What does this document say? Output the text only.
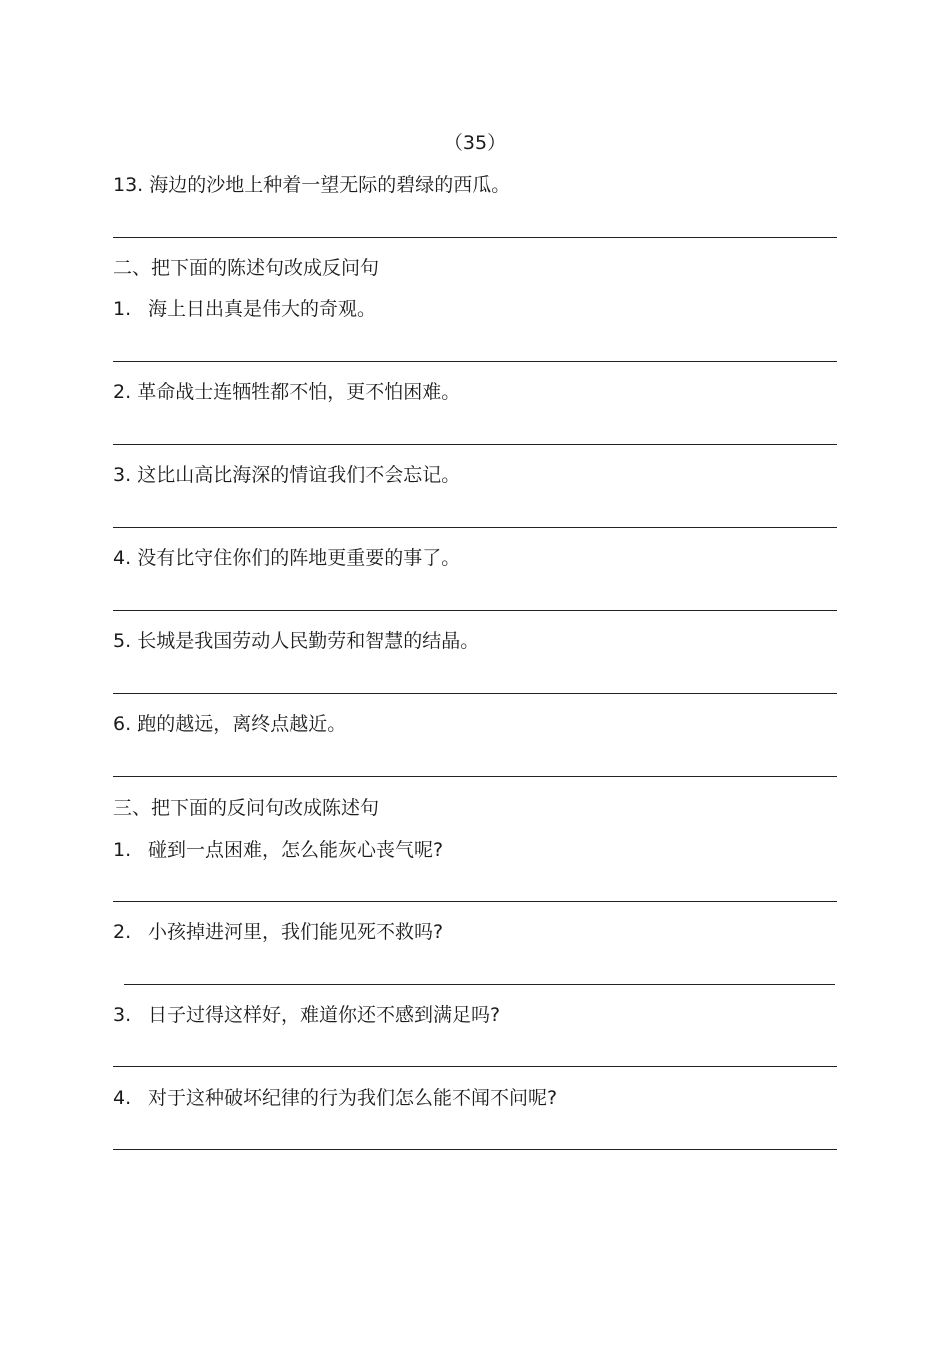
（35）
13. 海边的沙地上种着一望无际的碧绿的西瓜。
二、把下面的陈述句改成反问句
1. 海上日出真是伟大的奇观。
2. 革命战士连牺牲都不怕，更不怕困难。
3. 这比山高比海深的情谊我们不会忘记。
4. 没有比守住你们的阵地更重要的事了。
5. 长城是我国劳动人民勤劳和智慧的结晶。
6. 跑的越远，离终点越近。
三、把下面的反问句改成陈述句
1. 碰到一点困难，怎么能灰心丧气呢?
2. 小孩掉进河里，我们能见死不救吗?
3. 日子过得这样好，难道你还不感到满足吗?
4. 对于这种破坏纪律的行为我们怎么能不闻不问呢?
